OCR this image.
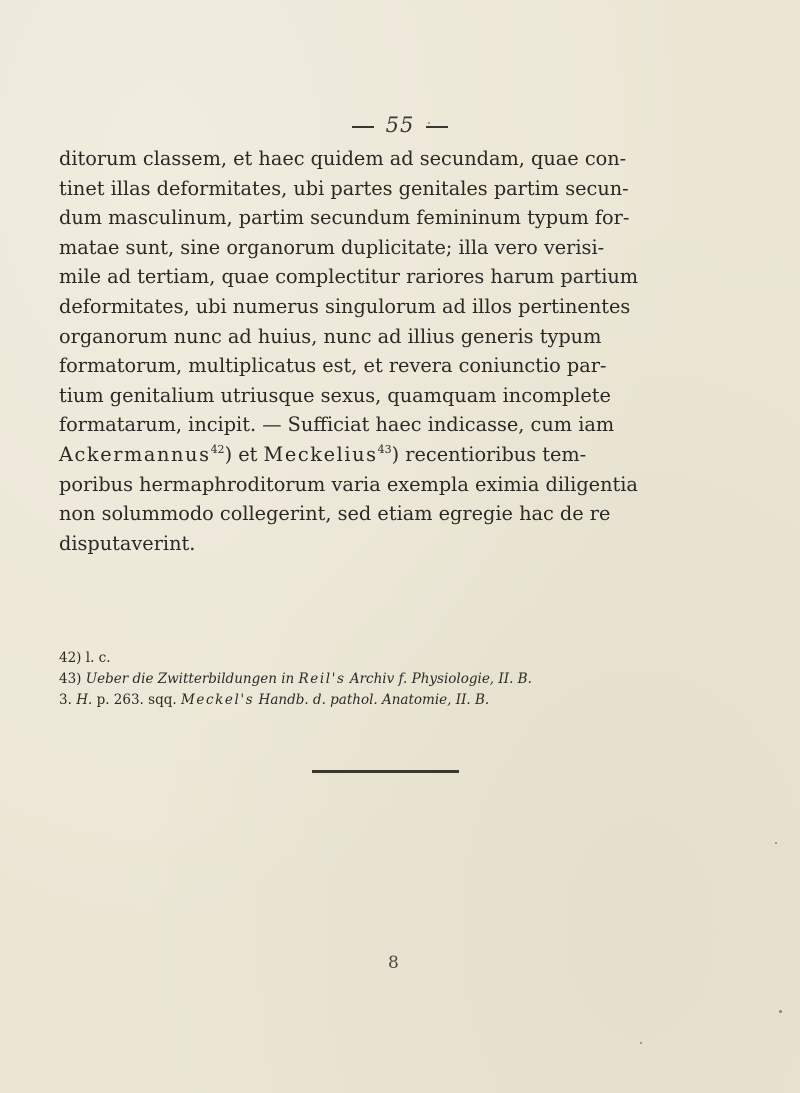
55
ditorum classem, et haec quidem ad secundam, quae con-
tinet illas deformitates, ubi partes genitales partim secun-
dum masculinum, partim secundum femininum typum for-
matae sunt, sine organorum duplicitate; illa vero verisi-
mile ad tertiam, quae complectitur rariores harum partium
deformitates, ubi numerus singulorum ad illos pertinentes
organorum nunc ad huius, nunc ad illius generis typum
formatorum, multiplicatus est, et revera coniunctio par-
tium genitalium utriusque sexus, quamquam incomplete
formatarum, incipit. — Sufficiat haec indicasse, cum iam
Ackermannus$^{42}$) et Meckelius$^{43}$) recentioribus tem-
poribus hermaphroditorum varia exempla eximia diligentia
non solummodo collegerint, sed etiam egregie hac de re
disputaverint.
42) l. c.
43) Ueber die Zwitterbildungen in Reil's Archiv f. Physiologie, II. B.
3. H. p. 263. sqq. Meckel's Handb. d. pathol. Anatomie, II. B.
8
